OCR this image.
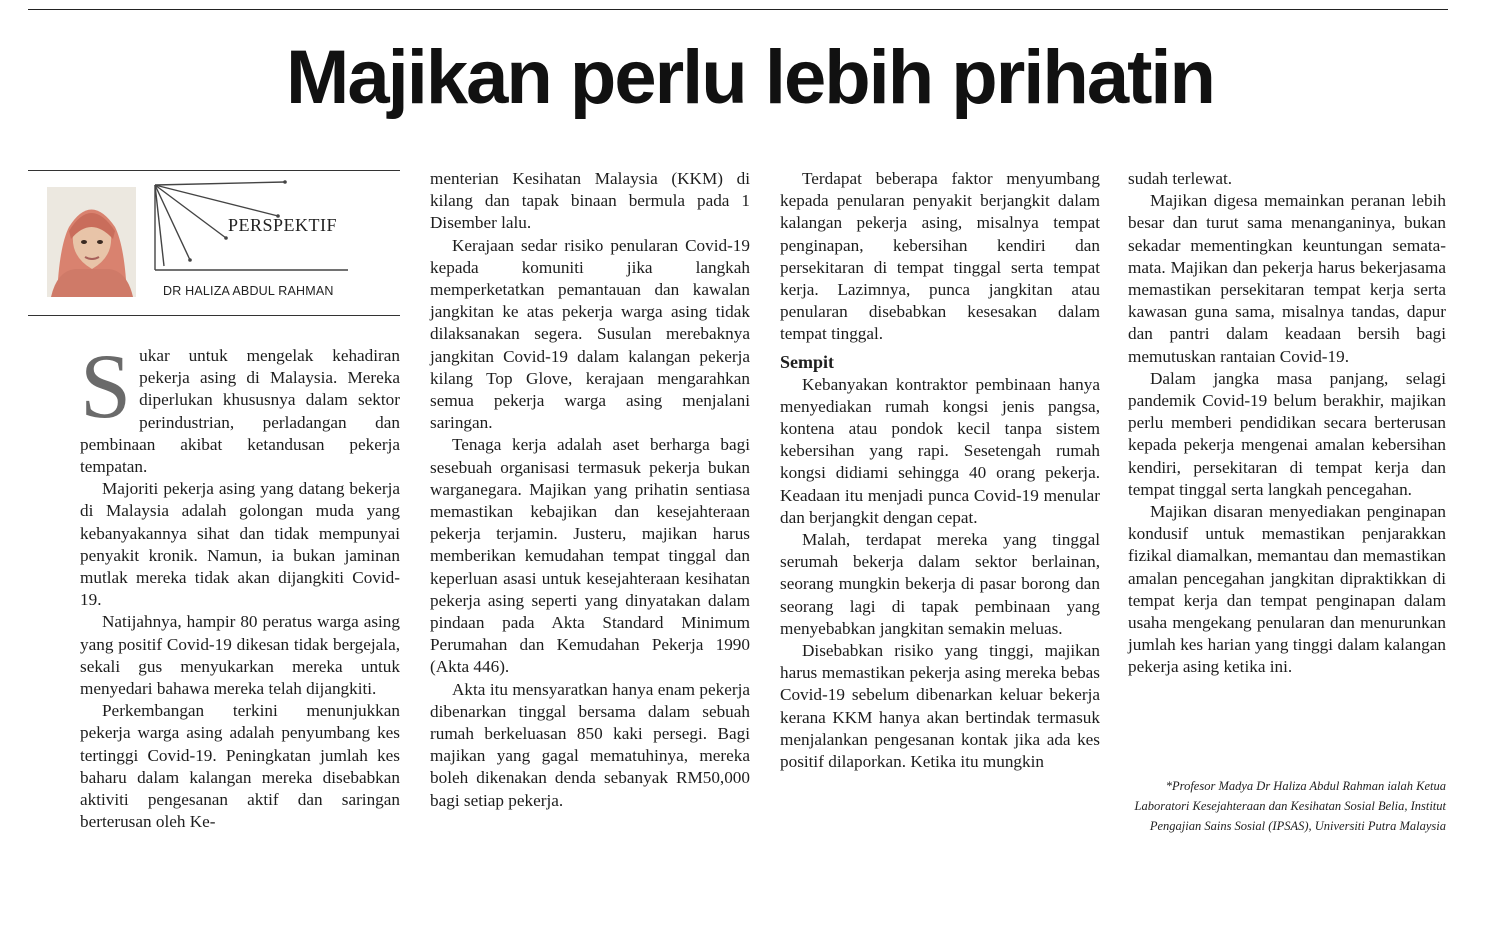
Majikan perlu lebih prihatin
PERSPEKTIF
DR HALIZA ABDUL RAHMAN
S ukar untuk mengelak kehadiran pekerja asing di Malaysia. Mereka diperlukan khususnya dalam sektor perindustrian, perladangan dan pembinaan akibat ketandusan pekerja tempatan.

Majoriti pekerja asing yang datang bekerja di Malaysia adalah golongan muda yang kebanyakannya sihat dan tidak mempunyai penyakit kronik. Namun, ia bukan jaminan mutlak mereka tidak akan dijangkiti Covid-19.

Natijahnya, hampir 80 peratus warga asing yang positif Covid-19 dikesan tidak bergejala, sekali gus menyukarkan mereka untuk menyedari bahawa mereka telah dijangkiti.

Perkembangan terkini menunjukkan pekerja warga asing adalah penyumbang kes tertinggi Covid-19. Peningkatan jumlah kes baharu dalam kalangan mereka disebabkan aktiviti pengesanan aktif dan saringan berterusan oleh Ke-

menterian Kesihatan Malaysia (KKM) di kilang dan tapak binaan bermula pada 1 Disember lalu.

Kerajaan sedar risiko penularan Covid-19 kepada komuniti jika langkah memperketatkan pemantauan dan kawalan jangkitan ke atas pekerja warga asing tidak dilaksanakan segera. Susulan merebaknya jangkitan Covid-19 dalam kalangan pekerja kilang Top Glove, kerajaan mengarahkan semua pekerja warga asing menjalani saringan.

Tenaga kerja adalah aset berharga bagi sesebuah organisasi termasuk pekerja bukan warganegara. Majikan yang prihatin sentiasa memastikan kebajikan dan kesejahteraan pekerja terjamin. Justeru, majikan harus memberikan kemudahan tempat tinggal dan keperluan asasi untuk kesejahteraan kesihatan pekerja asing seperti yang dinyatakan dalam pindaan pada Akta Standard Minimum Perumahan dan Kemudahan Pekerja 1990 (Akta 446).

Akta itu mensyaratkan hanya enam pekerja dibenarkan tinggal bersama dalam sebuah rumah berkeluasan 850 kaki persegi. Bagi majikan yang gagal mematuhinya, mereka boleh dikenakan denda sebanyak RM50,000 bagi setiap pekerja.

Terdapat beberapa faktor menyumbang kepada penularan penyakit berjangkit dalam kalangan pekerja asing, misalnya tempat penginapan, kebersihan kendiri dan persekitaran di tempat tinggal serta tempat kerja. Lazimnya, punca jangkitan atau penularan disebabkan kesesakan dalam tempat tinggal.

Sempit

Kebanyakan kontraktor pembinaan hanya menyediakan rumah kongsi jenis pangsa, kontena atau pondok kecil tanpa sistem kebersihan yang rapi. Sesetengah rumah kongsi didiami sehingga 40 orang pekerja. Keadaan itu menjadi punca Covid-19 menular dan berjangkit dengan cepat.

Malah, terdapat mereka yang tinggal serumah bekerja dalam sektor berlainan, seorang mungkin bekerja di pasar borong dan seorang lagi di tapak pembinaan yang menyebabkan jangkitan semakin meluas.

Disebabkan risiko yang tinggi, majikan harus memastikan pekerja asing mereka bebas Covid-19 sebelum dibenarkan keluar bekerja kerana KKM hanya akan bertindak termasuk menjalankan pengesanan kontak jika ada kes positif dilaporkan. Ketika itu mungkin

sudah terlewat.

Majikan digesa memainkan peranan lebih besar dan turut sama menanganinya, bukan sekadar mementingkan keuntungan semata-mata. Majikan dan pekerja harus bekerjasama memastikan persekitaran tempat kerja serta kawasan guna sama, misalnya tandas, dapur dan pantri dalam keadaan bersih bagi memutuskan rantaian Covid-19.

Dalam jangka masa panjang, selagi pandemik Covid-19 belum berakhir, majikan perlu memberi pendidikan secara berterusan kepada pekerja mengenai amalan kebersihan kendiri, persekitaran di tempat kerja dan tempat tinggal serta langkah pencegahan.

Majikan disaran menyediakan penginapan kondusif untuk memastikan penjarakkan fizikal diamalkan, memantau dan memastikan amalan pencegahan jangkitan dipraktikkan di tempat kerja dan tempat penginapan dalam usaha mengekang penularan dan menurunkan jumlah kes harian yang tinggi dalam kalangan pekerja asing ketika ini.

*Profesor Madya Dr Haliza Abdul Rahman ialah Ketua Laboratori Kesejahteraan dan Kesihatan Sosial Belia, Institut Pengajian Sains Sosial (IPSAS), Universiti Putra Malaysia
